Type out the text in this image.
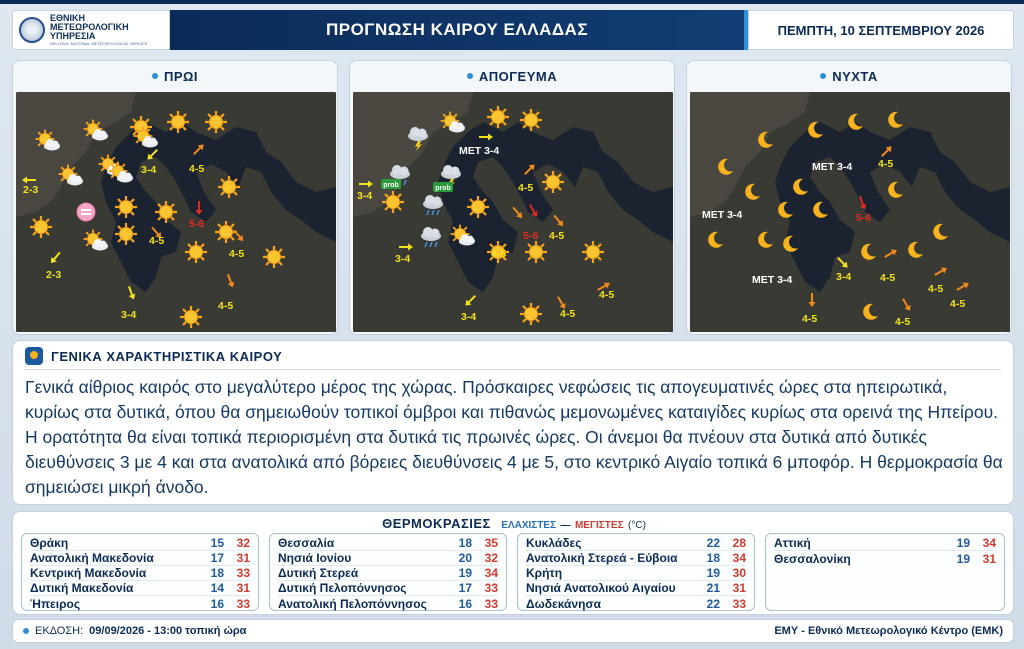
ΕΘΝΙΚΗ
ΜΕΤΕΩΡΟΛΟΓΙΚΗ
ΥΠΗΡΕΣΙΑ
HELLENIC NATIONAL METEOROLOGICAL SERVICE
ΠΡΟΓΝΩΣΗ ΚΑΙΡΟΥ ΕΛΛΑΔΑΣ	ΠΕΜΠΤΗ, 10 ΣΕΠΤΕΜΒΡΙΟΥ 2026
ΠΡΩΙ
2-3
3-4	4-5
5-6
4-5
4-5
2-3
4-5
3-4
ΑΠΟΓΕΥΜΑ
prob	prob
ΜΕΤ 3-4
3-4
4-5
4-5
5-6 4-5
3-4
4-5
4-5
3-4
ΝΥΧΤΑ
ΜΕΤ 3-4 4-5
ΜΕΤ 3-4	5-6
4-5
3-4
ΜΕΤ 3-4
4-5
4-5	4-5
4-5
ΓΕΝΙΚΑ ΧΑΡΑΚΤΗΡΙΣΤΙΚΑ ΚΑΙΡΟΥ
Γενικά αίθριος καιρός στο μεγαλύτερο μέρος της χώρας. Πρόσκαιρες νεφώσεις τις απογευματινές ώρες στα ηπειρωτικά, κυρίως στα δυτικά, όπου θα σημειωθούν τοπικοί όμβροι και πιθανώς μεμονωμένες καταιγίδες κυρίως στα ορεινά της Ηπείρου. Η ορατότητα θα είναι τοπικά περιορισμένη στα δυτικά τις πρωινές ώρες. Οι άνεμοι θα πνέουν στα δυτικά από δυτικές διευθύνσεις 3 με 4 και στα ανατολικά από βόρειες διευθύνσεις 4 με 5, στο κεντρικό Αιγαίο τοπικά 6 μποφόρ. Η θερμοκρασία θα σημειώσει μικρή άνοδο.
ΘΕΡΜΟΚΡΑΣΙΕΣ ΕΛΑΧΙΣΤΕΣ — ΜΕΓΙΣΤΕΣ (°C)
Θράκη	15	32
Ανατολική Μακεδονία	17	31
Κεντρική Μακεδονία	18	33
Δυτική Μακεδονία	14	31
Ήπειρος	16	33
Θεσσαλία	18	35
Νησιά Ιονίου	20	32
Δυτική Στερεά	19	34
Δυτική Πελοπόννησος	17	33
Ανατολική Πελοπόννησος	16	33
Κυκλάδες	22	28
Ανατολική Στερεά - Εύβοια	18	34
Κρήτη	19	30
Νησιά Ανατολικού Αιγαίου	21	31
Δωδεκάνησα	22	33
Αττική	19	34
Θεσσαλονίκη	19	31
ΕΚΔΟΣΗ: 09/09/2026 - 13:00 τοπική ώρα	ΕΜΥ - Εθνικό Μετεωρολογικό Κέντρο (ΕΜΚ)
